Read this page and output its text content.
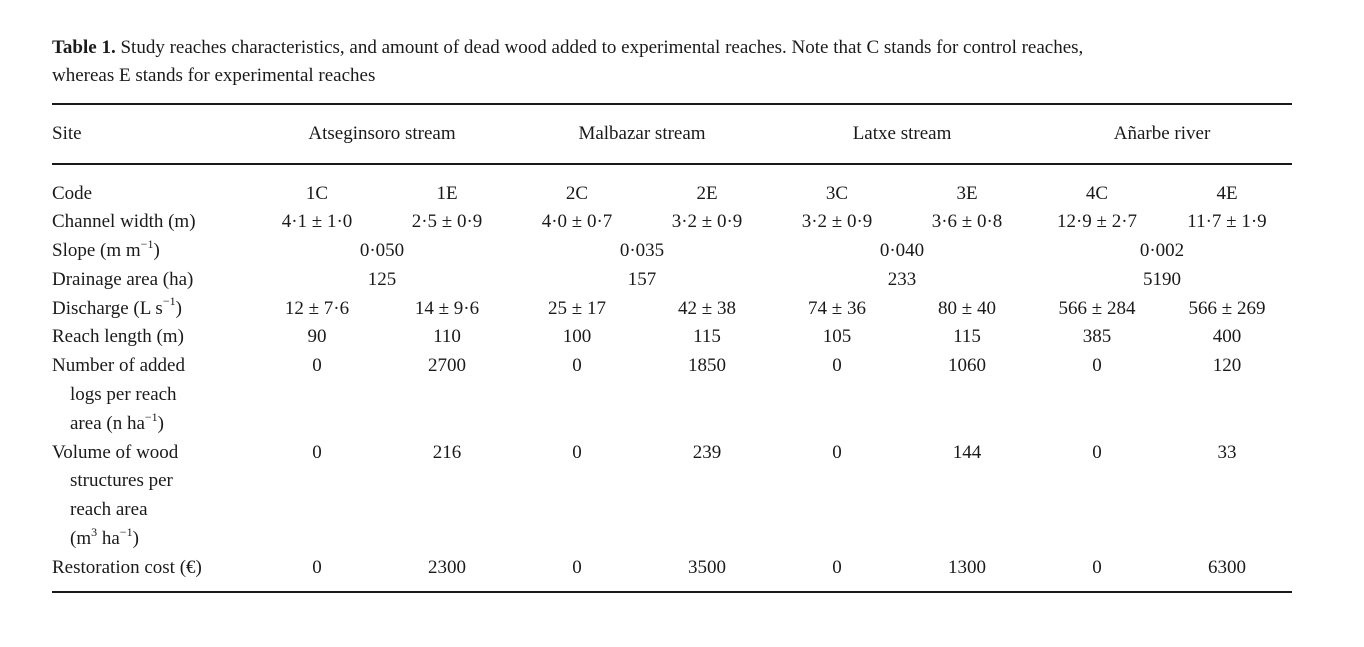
Table 1. Study reaches characteristics, and amount of dead wood added to experimental reaches. Note that C stands for control reaches,
whereas E stands for experimental reaches

Site	Atseginsoro stream	Malbazar stream	Latxe stream	Añarbe river
Code	1C	1E	2C	2E	3C	3E	4C	4E
Channel width (m)	4·1 ± 1·0	2·5 ± 0·9	4·0 ± 0·7	3·2 ± 0·9	3·2 ± 0·9	3·6 ± 0·8	12·9 ± 2·7	11·7 ± 1·9
Slope (m $m^{-1}$)	0·050		0·035		0·040		0·002	
Drainage area (ha)	125		157		233		5190	
Discharge (L $s^{-1}$)	12 ± 7·6	14 ± 9·6	25 ± 17	42 ± 38	74 ± 36	80 ± 40	566 ± 284	566 ± 269
Reach length (m)	90	110	100	115	105	115	385	400

Number of added
logs per reach
area (n $ha^{-1}$)	0	2700	0	1850	0	1060	0	120

Volume of wood
structures per
reach area
($m^3$ $ha^{-1}$)	0	216	0	239	0	144	0	33
Restoration cost (€)	0	2300	0	3500	0	1300	0	6300
